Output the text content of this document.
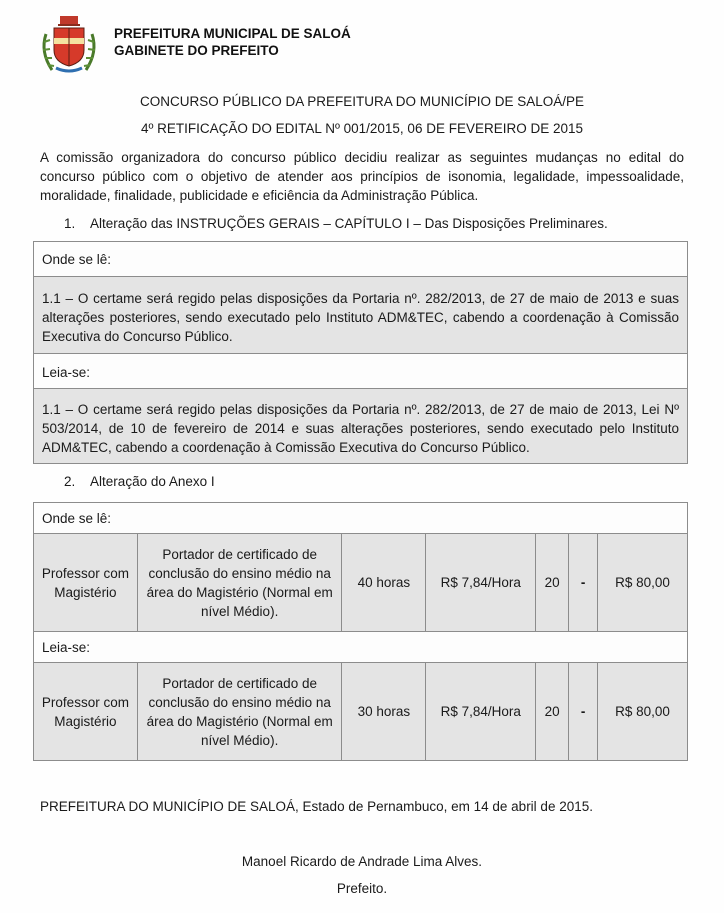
PREFEITURA MUNICIPAL DE SALOÁ
GABINETE DO PREFEITO
CONCURSO PÚBLICO DA PREFEITURA DO MUNICÍPIO DE SALOÁ/PE
4º RETIFICAÇÃO DO EDITAL Nº 001/2015, 06 DE FEVEREIRO DE 2015
A comissão organizadora do concurso público decidiu realizar as seguintes mudanças no edital do concurso público com o objetivo de atender aos princípios de isonomia, legalidade, impessoalidade, moralidade, finalidade, publicidade e eficiência da Administração Pública.
1. Alteração das INSTRUÇÕES GERAIS – CAPÍTULO I – Das Disposições Preliminares.
Onde se lê:
1.1 – O certame será regido pelas disposições da Portaria nº. 282/2013, de 27 de maio de 2013 e suas alterações posteriores, sendo executado pelo Instituto ADM&TEC, cabendo a coordenação à Comissão Executiva do Concurso Público.
Leia-se:
1.1 – O certame será regido pelas disposições da Portaria nº. 282/2013, de 27 de maio de 2013, Lei Nº 503/2014, de 10 de fevereiro de 2014 e suas alterações posteriores, sendo executado pelo Instituto ADM&TEC, cabendo a coordenação à Comissão Executiva do Concurso Público.
2. Alteração do Anexo I
Onde se lê:						
Professor com Magistério	Portador de certificado de conclusão do ensino médio na área do Magistério (Normal em nível Médio).	40 horas	R$ 7,84/Hora	20	-	R$ 80,00
Leia-se:						
Professor com Magistério	Portador de certificado de conclusão do ensino médio na área do Magistério (Normal em nível Médio).	30 horas	R$ 7,84/Hora	20	-	R$ 80,00
PREFEITURA DO MUNICÍPIO DE SALOÁ, Estado de Pernambuco, em 14 de abril de 2015.
Manoel Ricardo de Andrade Lima Alves.
Prefeito.
